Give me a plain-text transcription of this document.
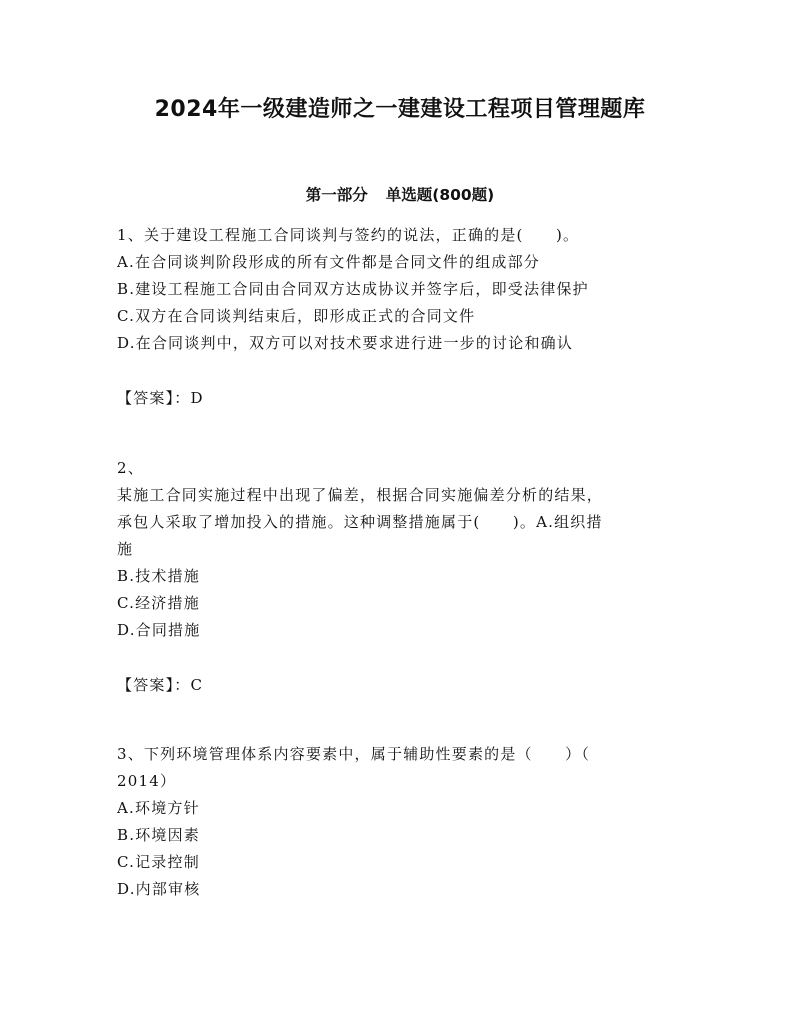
2024年一级建造师之一建建设工程项目管理题库
第一部分 单选题(800题)
1、关于建设工程施工合同谈判与签约的说法，正确的是(　　)。
A.在合同谈判阶段形成的所有文件都是合同文件的组成部分
B.建设工程施工合同由合同双方达成协议并签字后，即受法律保护
C.双方在合同谈判结束后，即形成正式的合同文件
D.在合同谈判中，双方可以对技术要求进行进一步的讨论和确认
【答案】：D
2、
某施工合同实施过程中出现了偏差，根据合同实施偏差分析的结果，
承包人采取了增加投入的措施。这种调整措施属于(　　)。A.组织措
施
B.技术措施
C.经济措施
D.合同措施
【答案】：C
3、下列环境管理体系内容要素中，属于辅助性要素的是（　　）（
2014）
A.环境方针
B.环境因素
C.记录控制
D.内部审核
